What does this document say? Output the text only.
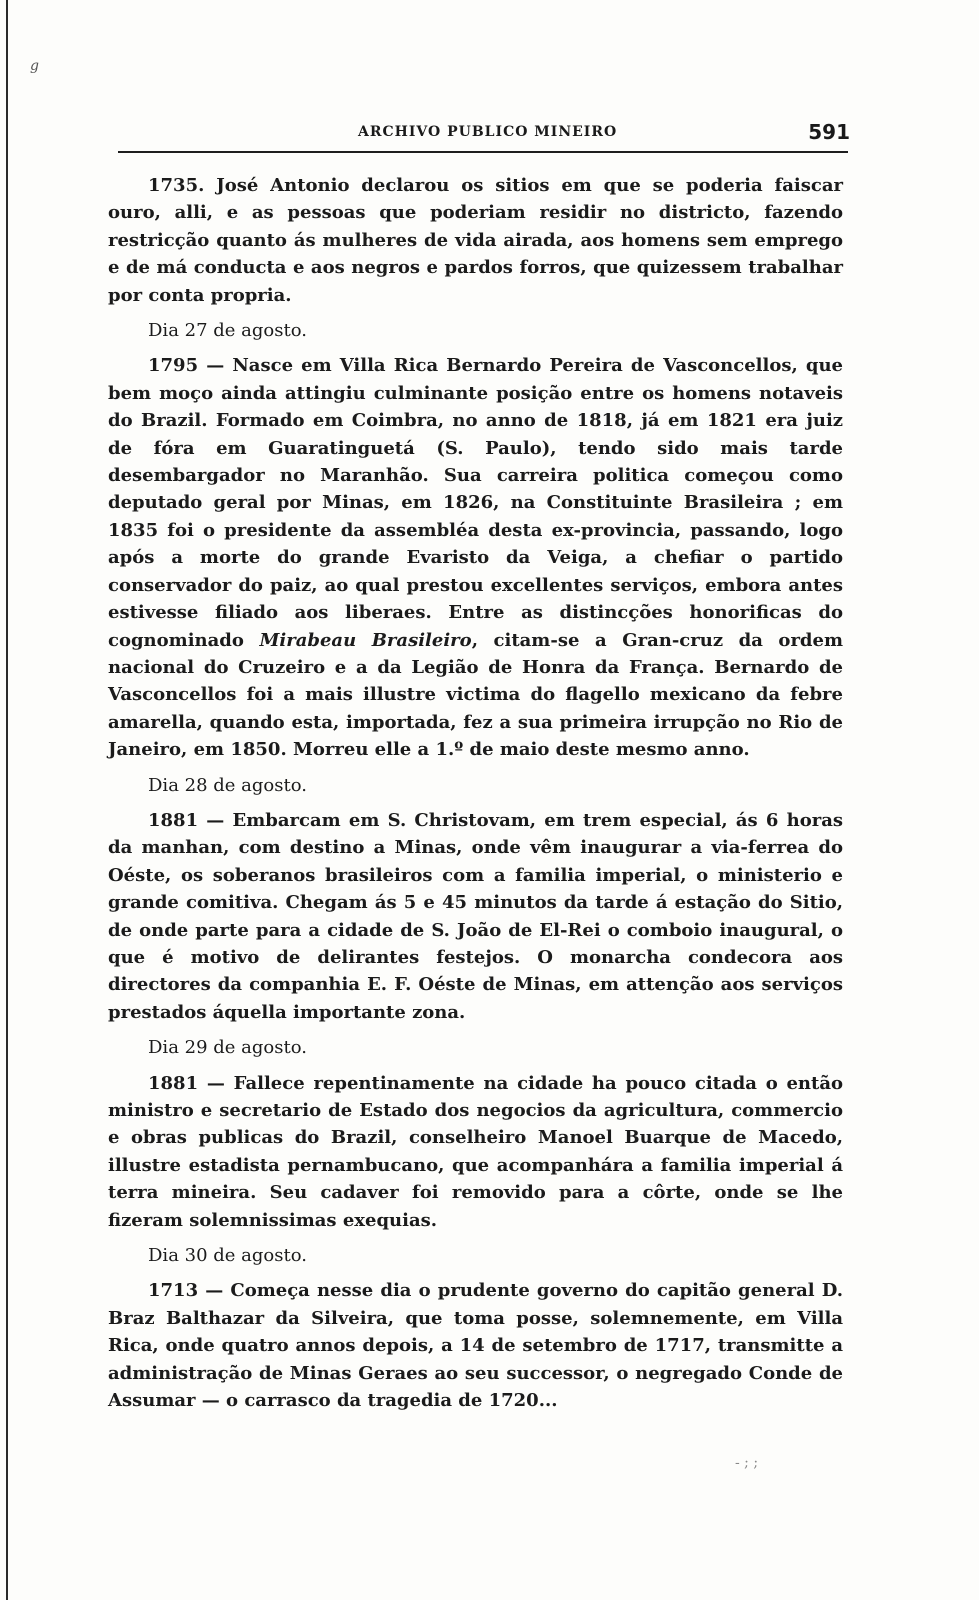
g
ARCHIVO PUBLICO MINEIRO	591

1735. José Antonio declarou os sitios em que se poderia faiscar ouro, alli, e as pessoas que poderiam residir no districto, fazendo restricção quanto ás mulheres de vida airada, aos homens sem emprego e de má conducta e aos negros e pardos forros, que quizessem trabalhar por conta propria.

Dia 27 de agosto.

1795 — Nasce em Villa Rica Bernardo Pereira de Vasconcellos, que bem moço ainda attingiu culminante posição entre os homens notaveis do Brazil. Formado em Coimbra, no anno de 1818, já em 1821 era juiz de fóra em Guaratinguetá (S. Paulo), tendo sido mais tarde desembargador no Maranhão. Sua carreira politica começou como deputado geral por Minas, em 1826, na Constituinte Brasileira ; em 1835 foi o presidente da assembléa desta ex-provincia, passando, logo após a morte do grande Evaristo da Veiga, a chefiar o partido conservador do paiz, ao qual prestou excellentes serviços, embora antes estivesse filiado aos liberaes. Entre as distincções honorificas do cognominado Mirabeau Brasileiro, citam-se a Gran-cruz da ordem nacional do Cruzeiro e a da Legião de Honra da França. Bernardo de Vasconcellos foi a mais illustre victima do flagello mexicano da febre amarella, quando esta, importada, fez a sua primeira irrupção no Rio de Janeiro, em 1850. Morreu elle a 1.º de maio deste mesmo anno.

Dia 28 de agosto.

1881 — Embarcam em S. Christovam, em trem especial, ás 6 horas da manhan, com destino a Minas, onde vêm inaugurar a via-ferrea do Oéste, os soberanos brasileiros com a familia imperial, o ministerio e grande comitiva. Chegam ás 5 e 45 minutos da tarde á estação do Sitio, de onde parte para a cidade de S. João de El-Rei o comboio inaugural, o que é motivo de delirantes festejos. O monarcha condecora aos directores da companhia E. F. Oéste de Minas, em attenção aos serviços prestados áquella importante zona.

Dia 29 de agosto.

1881 — Fallece repentinamente na cidade ha pouco citada o então ministro e secretario de Estado dos negocios da agricultura, commercio e obras publicas do Brazil, conselheiro Manoel Buarque de Macedo, illustre estadista pernambucano, que acompanhára a familia imperial á terra mineira. Seu cadaver foi removido para a côrte, onde se lhe fizeram solemnissimas exequias.

Dia 30 de agosto.

1713 — Começa nesse dia o prudente governo do capitão general D. Braz Balthazar da Silveira, que toma posse, solemnemente, em Villa Rica, onde quatro annos depois, a 14 de setembro de 1717, transmitte a administração de Minas Geraes ao seu successor, o negregado Conde de Assumar — o carrasco da tragedia de 1720...

- ; ;
